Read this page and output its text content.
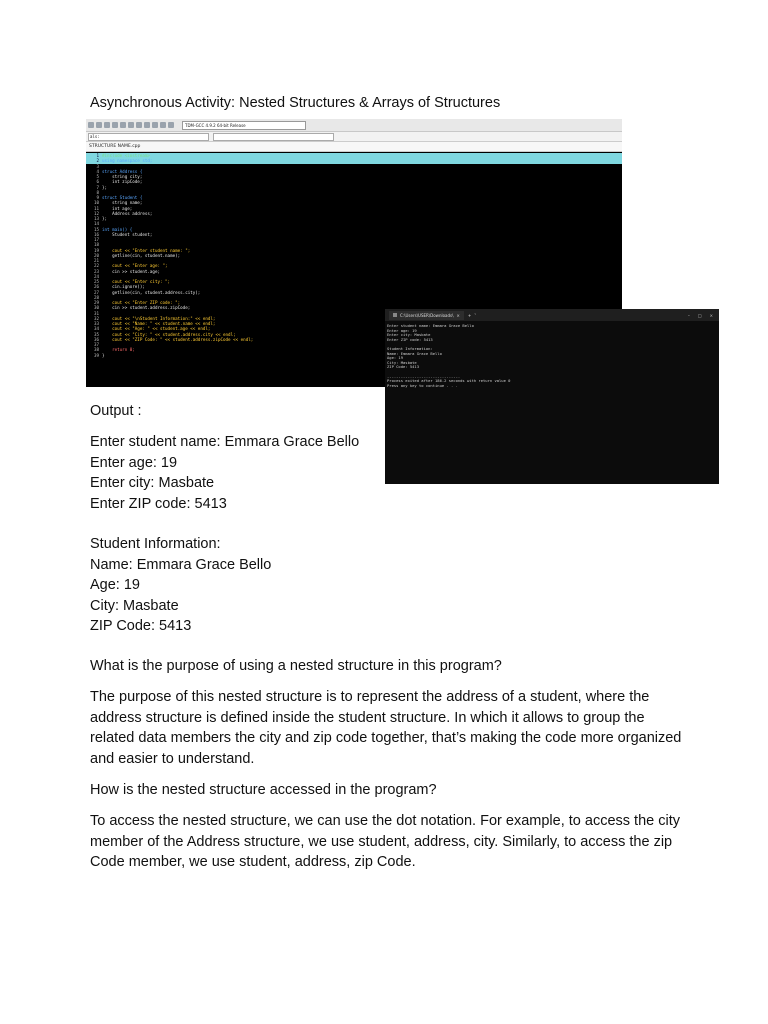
Asynchronous Activity: Nested Structures & Arrays of Structures
TDM-GCC 4.9.2 64-bit Release
als:
STRUCTURE NAME.cpp
1 #include <iostream>
2 using namespace std;
3
4 struct Address {
5 string city;
6 int zipCode;
7 };
8
9 struct Student {
10 string name;
11 int age;
12 Address address;
13 };
14
15 int main() {
16 Student student;
17
18
19 cout << "Enter student name: ";
20 getline(cin, student.name);
21
22 cout << "Enter age: ";
23 cin >> student.age;
24
25 cout << "Enter city: ";
26 cin.ignore();
27 getline(cin, student.address.city);
28
29 cout << "Enter ZIP code: ";
30 cin >> student.address.zipCode;
31
32 cout << "\nStudent Information:" << endl;
33 cout << "Name: " << student.name << endl;
34 cout << "Age: " << student.age << endl;
35 cout << "City: " << student.address.city << endl;
36 cout << "ZIP Code: " << student.address.zipCode << endl;
37
38 return 0;
39 }
C:\Users\USER\Downloads\ × + ˅	– □ ×
Enter student name: Emmara Grace Bello
Enter age: 19
Enter city: Masbate
Enter ZIP code: 5413
Student Information:
Name: Emmara Grace Bello
Age: 19
City: Masbate
ZIP Code: 5413
--------------------------------
Process exited after 186.2 seconds with return value 0
Press any key to continue . . .
Output :
Enter student name: Emmara Grace Bello
Enter age: 19
Enter city: Masbate
Enter ZIP code: 5413
Student Information:
Name: Emmara Grace Bello
Age: 19
City: Masbate
ZIP Code: 5413
What is the purpose of using a nested structure in this program?
The purpose of this nested structure is to represent the address of a student, where the address structure is defined inside the student structure. In which it allows to group the related data members the city and zip code together, that’s making the code more organized and easier to understand.
How is the nested structure accessed in the program?
To access the nested structure, we can use the dot notation. For example, to access the city member of the Address structure, we use student, address, city. Similarly, to access the zip Code member, we use student, address, zip Code.
